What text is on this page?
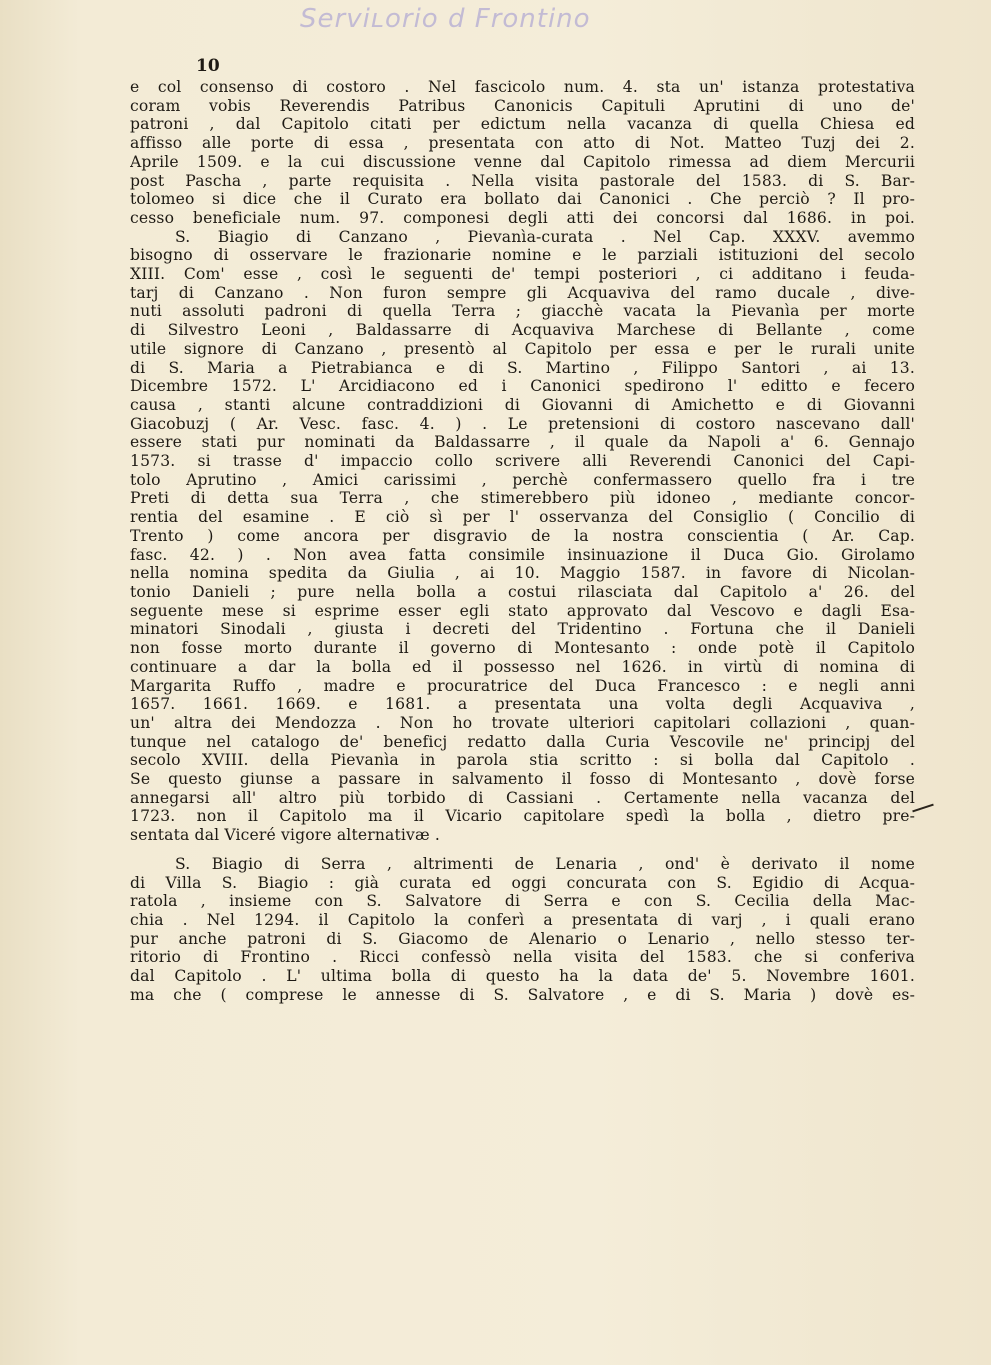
Serviʟorio d Frontino
10
e col consenso di costoro . Nel fascicolo num. 4. sta un' istanza protestativa
coram vobis Reverendis Patribus Canonicis Capituli Aprutini di uno de'
patroni , dal Capitolo citati per edictum nella vacanza di quella Chiesa ed
affisso alle porte di essa , presentata con atto di Not. Matteo Tuzj dei 2.
Aprile 1509. e la cui discussione venne dal Capitolo rimessa ad diem Mercurii
post Pascha , parte requisita . Nella visita pastorale del 1583. di S. Bar-
tolomeo si dice che il Curato era bollato dai Canonici . Che perciò ? Il pro-
cesso beneficiale num. 97. componesi degli atti dei concorsi dal 1686. in poi.
S. Biagio di Canzano , Pievanìa-curata . Nel Cap. XXXV. avemmo
bisogno di osservare le frazionarie nomine e le parziali istituzioni del secolo
XIII. Com' esse , così le seguenti de' tempi posteriori , ci additano i feuda-
tarj di Canzano . Non furon sempre gli Acquaviva del ramo ducale , dive-
nuti assoluti padroni di quella Terra ; giacchè vacata la Pievanìa per morte
di Silvestro Leoni , Baldassarre di Acquaviva Marchese di Bellante , come
utile signore di Canzano , presentò al Capitolo per essa e per le rurali unite
di S. Maria a Pietrabianca e di S. Martino , Filippo Santori , ai 13.
Dicembre 1572. L' Arcidiacono ed i Canonici spedirono l' editto e fecero
causa , stanti alcune contraddizioni di Giovanni di Amichetto e di Giovanni
Giacobuzj ( Ar. Vesc. fasc. 4. ) . Le pretensioni di costoro nascevano dall'
essere stati pur nominati da Baldassarre , il quale da Napoli a' 6. Gennajo
1573. si trasse d' impaccio collo scrivere alli Reverendi Canonici del Capi-
tolo Aprutino , Amici carissimi , perchè confermassero quello fra i tre
Preti di detta sua Terra , che stimerebbero più idoneo , mediante concor-
rentia del esamine . E ciò sì per l' osservanza del Consiglio ( Concilio di
Trento ) come ancora per disgravio de la nostra conscientia ( Ar. Cap.
fasc. 42. ) . Non avea fatta consimile insinuazione il Duca Gio. Girolamo
nella nomina spedita da Giulia , ai 10. Maggio 1587. in favore di Nicolan-
tonio Danieli ; pure nella bolla a costui rilasciata dal Capitolo a' 26. del
seguente mese si esprime esser egli stato approvato dal Vescovo e dagli Esa-
minatori Sinodali , giusta i decreti del Tridentino . Fortuna che il Danieli
non fosse morto durante il governo di Montesanto : onde potè il Capitolo
continuare a dar la bolla ed il possesso nel 1626. in virtù di nomina di
Margarita Ruffo , madre e procuratrice del Duca Francesco : e negli anni
1657. 1661. 1669. e 1681. a presentata una volta degli Acquaviva ,
un' altra dei Mendozza . Non ho trovate ulteriori capitolari collazioni , quan-
tunque nel catalogo de' beneficj redatto dalla Curia Vescovile ne' principj del
secolo XVIII. della Pievanìa in parola stia scritto : si bolla dal Capitolo .
Se questo giunse a passare in salvamento il fosso di Montesanto , dovè forse
annegarsi all' altro più torbido di Cassiani . Certamente nella vacanza del
1723. non il Capitolo ma il Vicario capitolare spedì la bolla , dietro pre-
sentata dal Viceré vigore alternativæ .
S. Biagio di Serra , altrimenti de Lenaria , ond' è derivato il nome
di Villa S. Biagio : già curata ed oggi concurata con S. Egidio di Acqua-
ratola , insieme con S. Salvatore di Serra e con S. Cecilia della Mac-
chia . Nel 1294. il Capitolo la conferì a presentata di varj , i quali erano
pur anche patroni di S. Giacomo de Alenario o Lenario , nello stesso ter-
ritorio di Frontino . Ricci confessò nella visita del 1583. che si conferiva
dal Capitolo . L' ultima bolla di questo ha la data de' 5. Novembre 1601.
ma che ( comprese le annesse di S. Salvatore , e di S. Maria ) dovè es-
